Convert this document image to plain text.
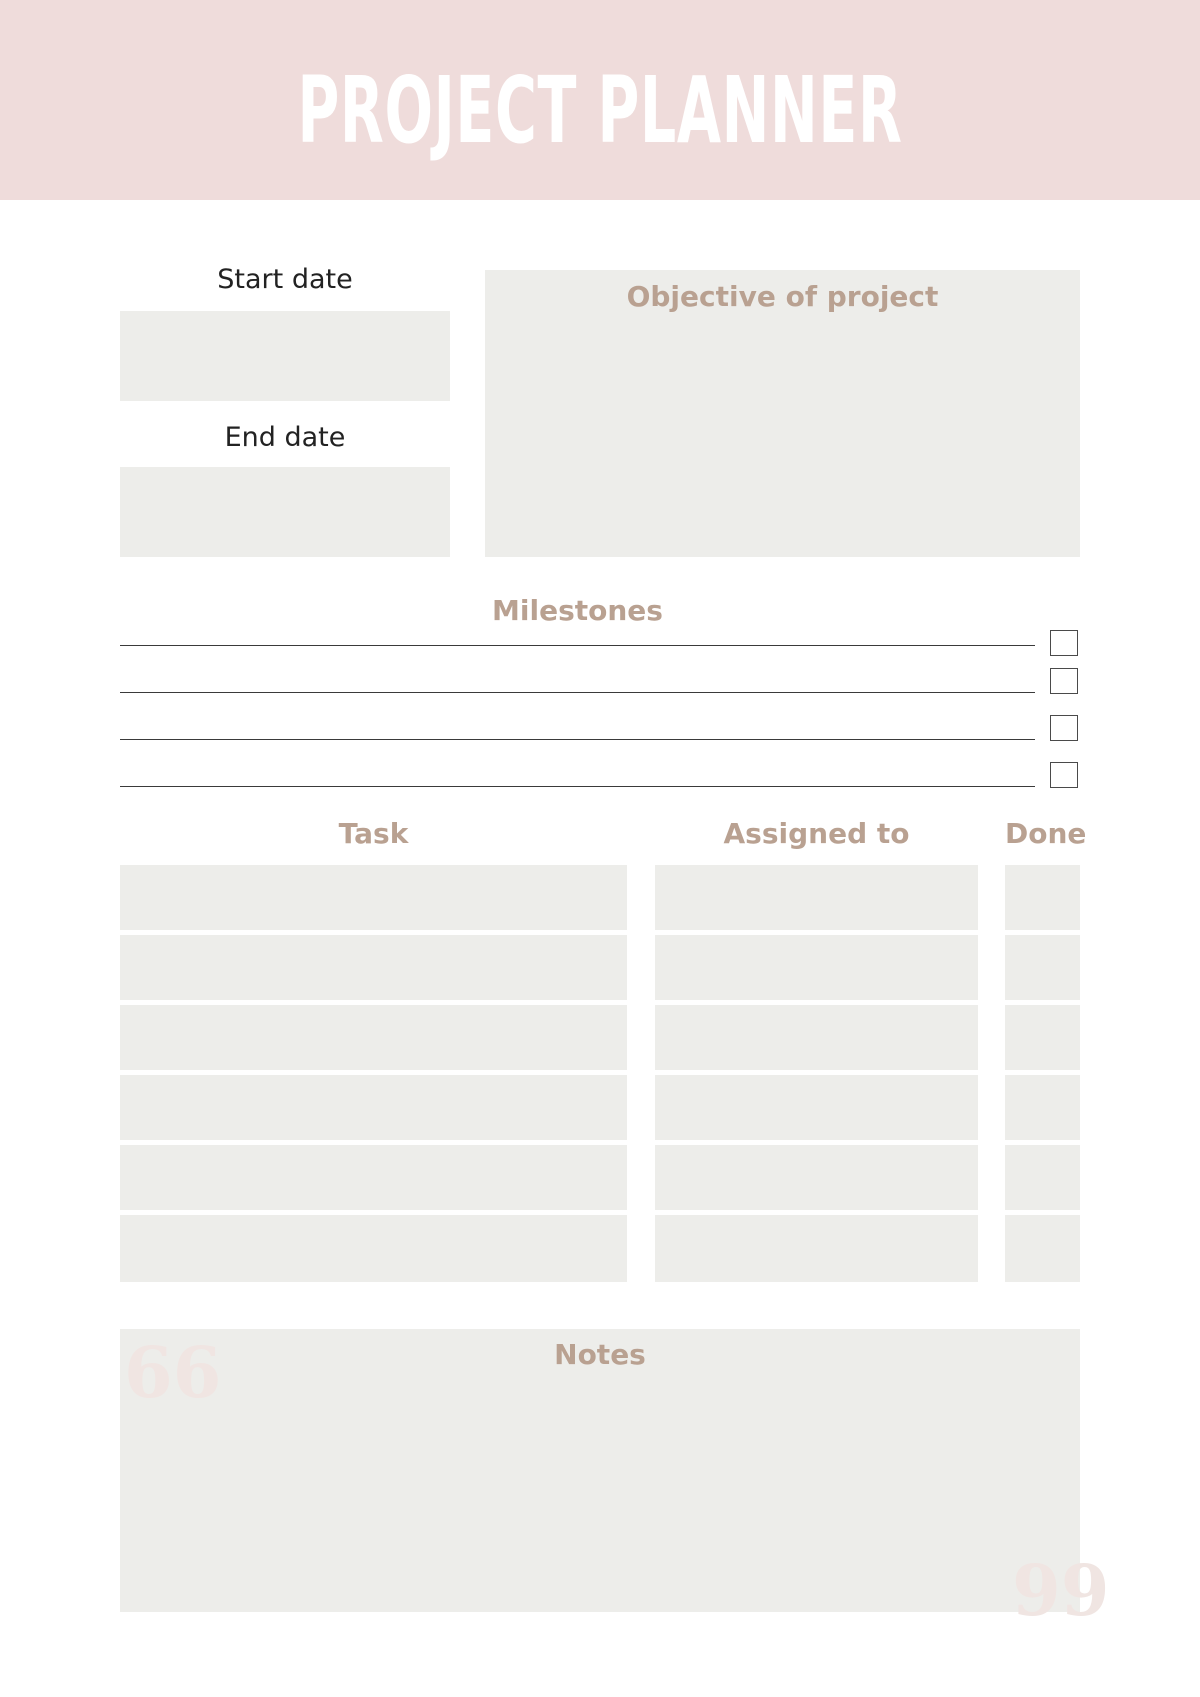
PROJECT PLANNER
Start date
End date
Objective of project
Milestones
Task	Assigned to	Done
66
99
Notes
